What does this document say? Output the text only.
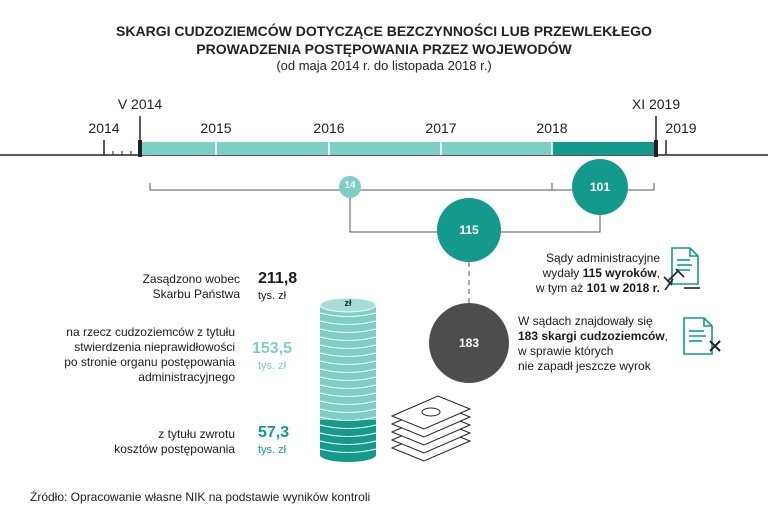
SKARGI CUDZOZIEMCÓW DOTYCZĄCE BEZCZYNNOŚCI LUB PRZEWLEKŁEGO
PROWADZENIA POSTĘPOWANIA PRZEZ WOJEWODÓW
(od maja 2014 r. do listopada 2018 r.)
2014	2015	2016	2017	2018	2019
V 2014	XI 2019
14	101
115
183
zł
Zasądzono wobec
Skarbu Państwa
211,8
tys. zł
na rzecz cudzoziemców z tytułu
stwierdzenia nieprawidłowości
po stronie organu postępowania
administracyjnego
153,5
tys. zł
z tytułu zwrotu
kosztów postępowania
57,3
tys. zł
Sądy administracyjne
wydały 115 wyroków,
w tym aż 101 w 2018 r.
W sądach znajdowały się
183 skargi cudzoziemców,
w sprawie których
nie zapadł jeszcze wyrok
Źródło: Opracowanie własne NIK na podstawie wyników kontroli
